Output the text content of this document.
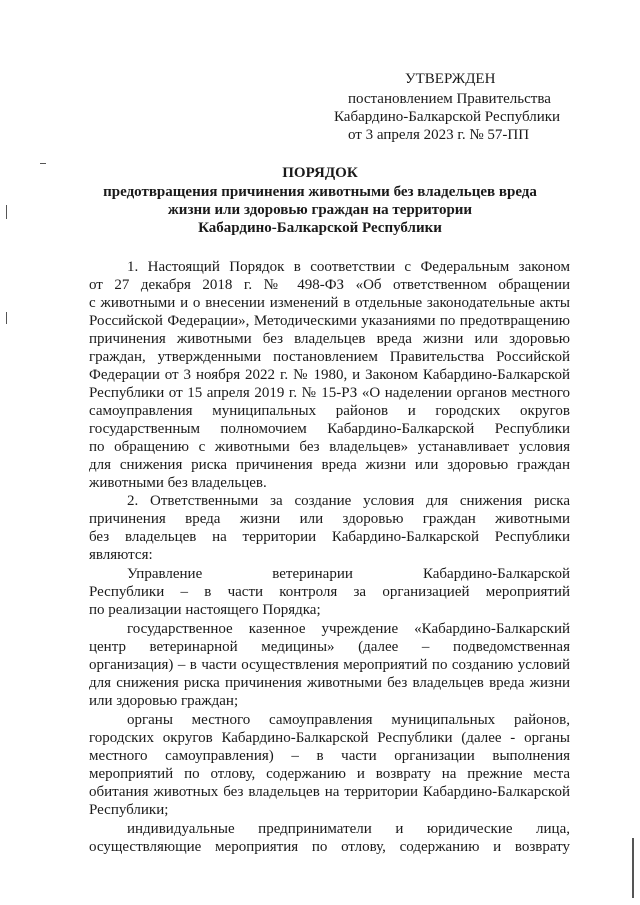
УТВЕРЖДЕН
постановлением Правительства
Кабардино-Балкарской Республики
от 3 апреля 2023 г. № 57-ПП
ПОРЯДОК
предотвращения причинения животными без владельцев вреда
жизни или здоровью граждан на территории
Кабардино-Балкарской Республики
1. Настоящий Порядок в соответствии с Федеральным законом
от 27 декабря 2018 г. № 498-ФЗ «Об ответственном обращении
с животными и о внесении изменений в отдельные законодательные акты
Российской Федерации», Методическими указаниями по предотвращению
причинения животными без владельцев вреда жизни или здоровью
граждан, утвержденными постановлением Правительства Российской
Федерации от 3 ноября 2022 г. № 1980, и Законом Кабардино-Балкарской
Республики от 15 апреля 2019 г. № 15-РЗ «О наделении органов местного
самоуправления муниципальных районов и городских округов
государственным полномочием Кабардино-Балкарской Республики
по обращению с животными без владельцев» устанавливает условия
для снижения риска причинения вреда жизни или здоровью граждан
животными без владельцев.
2. Ответственными за создание условия для снижения риска
причинения вреда жизни или здоровью граждан животными
без владельцев на территории Кабардино-Балкарской Республики
являются:
Управление ветеринарии Кабардино-Балкарской
Республики – в части контроля за организацией мероприятий
по реализации настоящего Порядка;
государственное казенное учреждение «Кабардино-Балкарский
центр ветеринарной медицины» (далее – подведомственная
организация) – в части осуществления мероприятий по созданию условий
для снижения риска причинения животными без владельцев вреда жизни
или здоровью граждан;
органы местного самоуправления муниципальных районов,
городских округов Кабардино-Балкарской Республики (далее - органы
местного самоуправления) – в части организации выполнения
мероприятий по отлову, содержанию и возврату на прежние места
обитания животных без владельцев на территории Кабардино-Балкарской
Республики;
индивидуальные предприниматели и юридические лица,
осуществляющие мероприятия по отлову, содержанию и возврату
